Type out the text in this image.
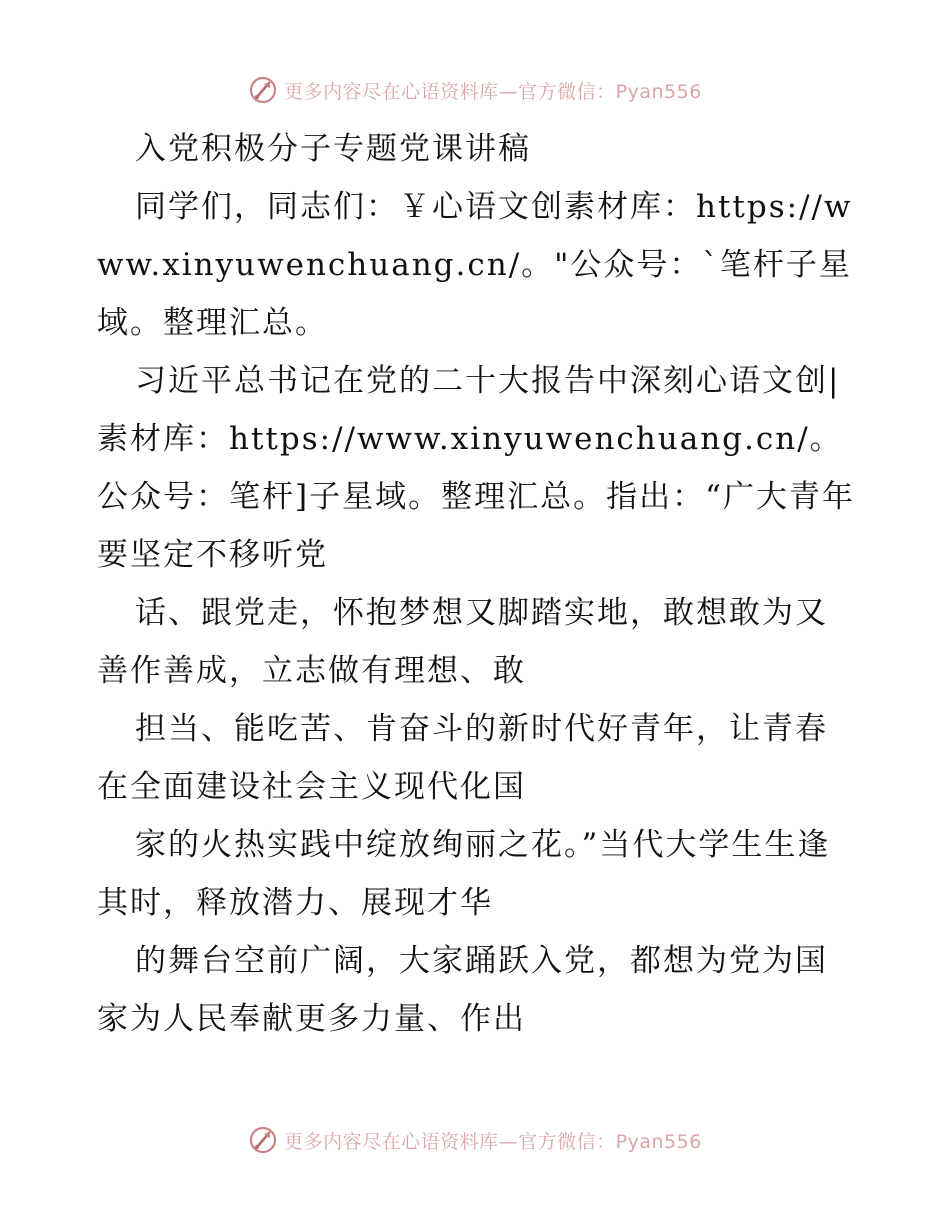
更多内容尽在心语资料库—官方微信：Pyan556

入党积极分子专题党课讲稿

同学们，同志们：￥心语文创素材库：https://www.xinyuwenchuang.cn/。"公众号：`笔杆子星域。整理汇总。

习近平总书记在党的二十大报告中深刻心语文创|素材库：https://www.xinyuwenchuang.cn/。公众号：笔杆]子星域。整理汇总。指出：“广大青年要坚定不移听党

话、跟党走，怀抱梦想又脚踏实地，敢想敢为又善作善成，立志做有理想、敢

担当、能吃苦、肯奋斗的新时代好青年，让青春在全面建设社会主义现代化国

家的火热实践中绽放绚丽之花。”当代大学生生逢其时，释放潜力、展现才华

的舞台空前广阔，大家踊跃入党，都想为党为国家为人民奉献更多力量、作出

更多内容尽在心语资料库—官方微信：Pyan556
